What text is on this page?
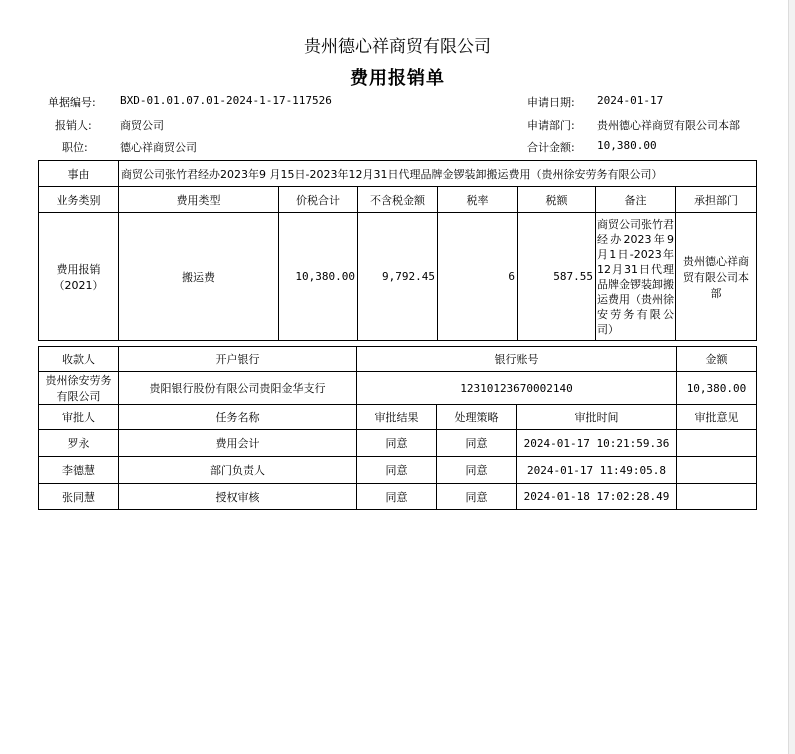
贵州德心祥商贸有限公司
费用报销单
单据编号: BXD-01.01.07.01-2024-1-17-117526
报销人:	商贸公司
职位:	德心祥商贸公司
申请日期: 2024-01-17
申请部门: 贵州德心祥商贸有限公司本部
合计金额: 10,380.00
事由	商贸公司张竹君经办2023年9 月15日-2023年12月31日代理品牌金锣装卸搬运费用（贵州徐安劳务有限公司）						
业务类别	费用类型	价税合计	不含税金额	税率	税额	备注	承担部门
费用报销（2021）	搬运费	10,380.00	9,792.45	6	587.55	商贸公司张竹君经办2023年9 月1日-2023年12月31日代理品牌金锣装卸搬运费用（贵州徐安劳务有限公司）	贵州德心祥商贸有限公司本部
收款人	开户银行	银行账号	金额
贵州徐安劳务有限公司	贵阳银行股份有限公司贵阳金华支行	12310123670002140	10,380.00
审批人	任务名称	审批结果	处理策略	审批时间	审批意见
罗永	费用会计	同意	同意	2024-01-17 10:21:59.36	
李德慧	部门负责人	同意	同意	2024-01-17 11:49:05.8	
张同慧	授权审核	同意	同意	2024-01-18 17:02:28.49	
